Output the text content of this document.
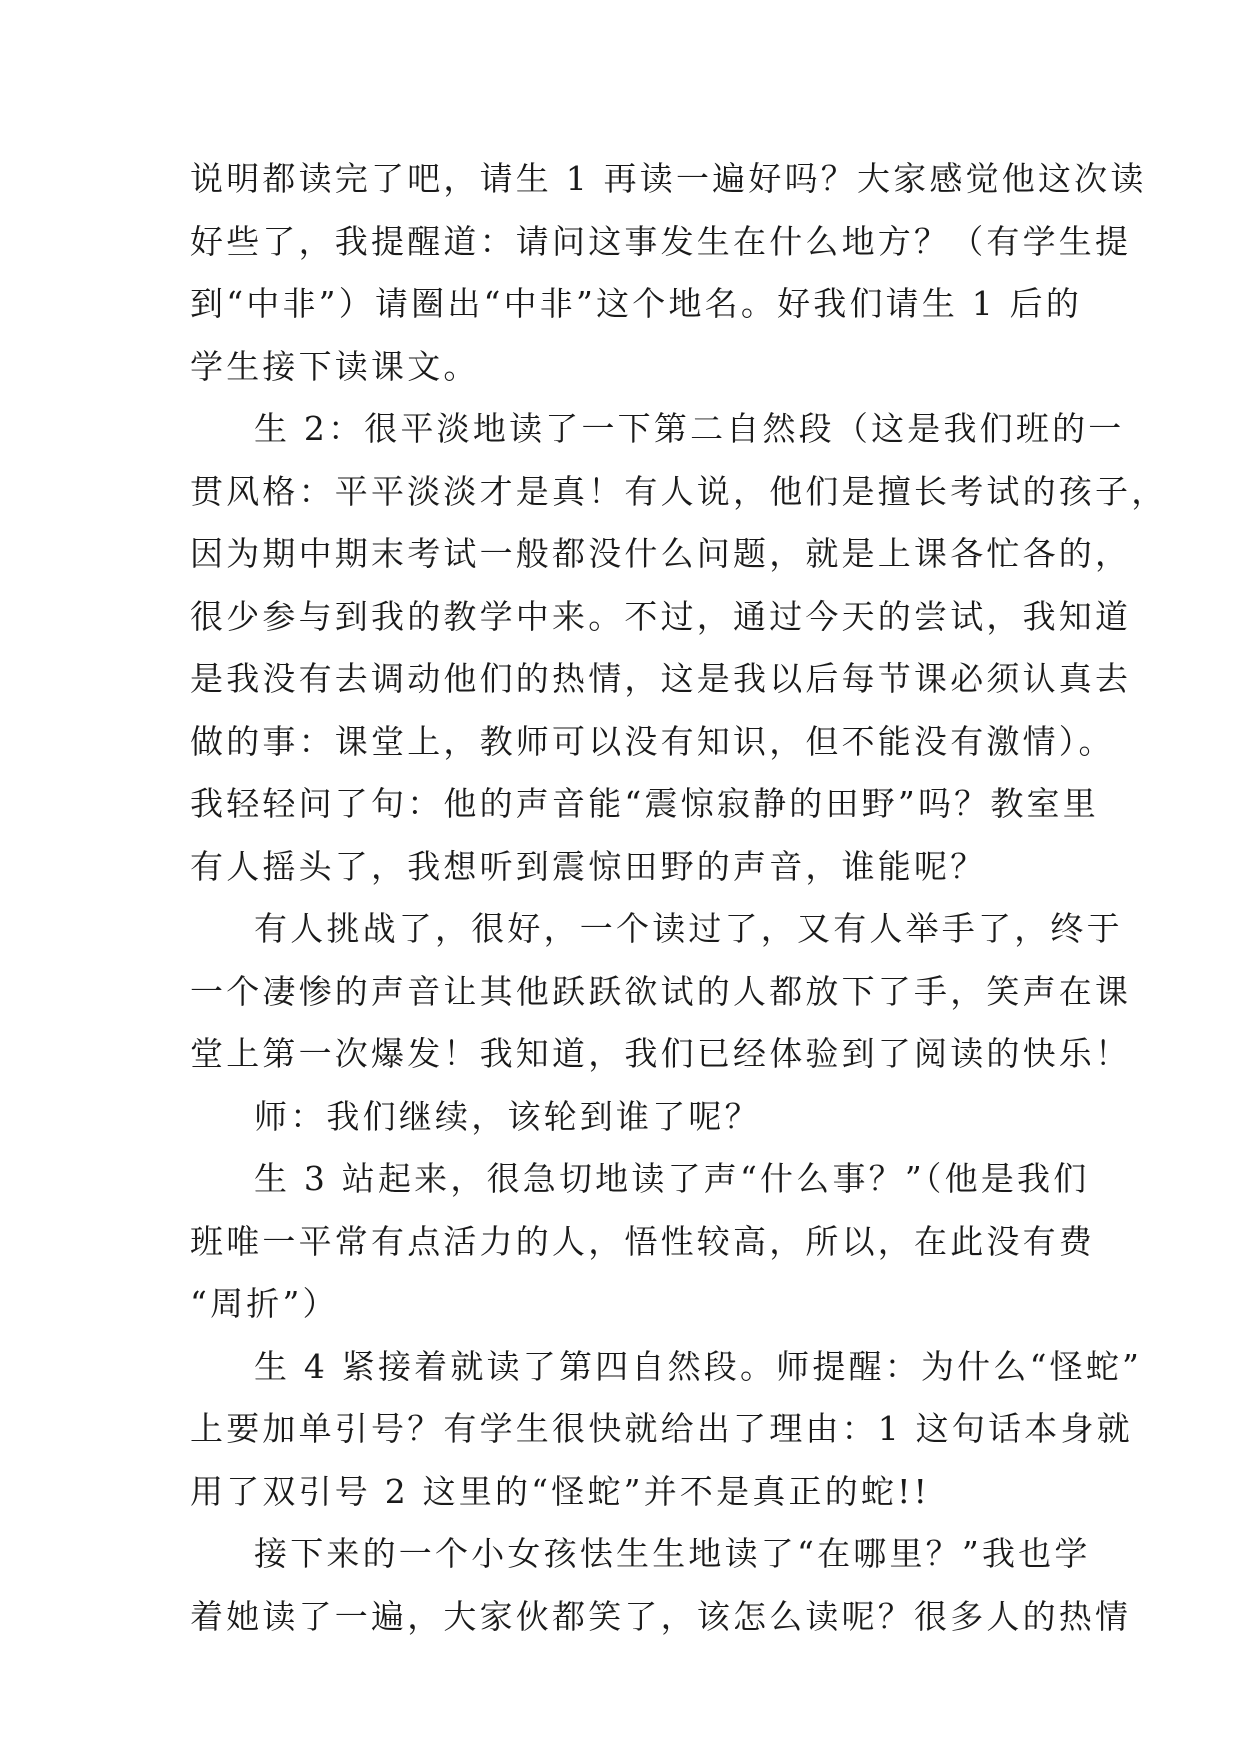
说明都读完了吧，请生 1 再读一遍好吗？大家感觉他这次读
好些了，我提醒道：请问这事发生在什么地方？（有学生提
到“中非”）请圈出“中非”这个地名。好我们请生 1 后的
学生接下读课文。
生 2：很平淡地读了一下第二自然段（这是我们班的一
贯风格：平平淡淡才是真！有人说，他们是擅长考试的孩子，
因为期中期末考试一般都没什么问题，就是上课各忙各的，
很少参与到我的教学中来。不过，通过今天的尝试，我知道
是我没有去调动他们的热情，这是我以后每节课必须认真去
做的事：课堂上，教师可以没有知识，但不能没有激情）。
我轻轻问了句：他的声音能“震惊寂静的田野”吗？教室里
有人摇头了，我想听到震惊田野的声音，谁能呢？
有人挑战了，很好，一个读过了，又有人举手了，终于
一个凄惨的声音让其他跃跃欲试的人都放下了手，笑声在课
堂上第一次爆发！我知道，我们已经体验到了阅读的快乐！
师：我们继续，该轮到谁了呢？
生 3 站起来，很急切地读了声“什么事？”（他是我们
班唯一平常有点活力的人，悟性较高，所以，在此没有费
“周折”）
生 4 紧接着就读了第四自然段。师提醒：为什么“怪蛇”
上要加单引号？有学生很快就给出了理由：1 这句话本身就
用了双引号 2 这里的“怪蛇”并不是真正的蛇!!
接下来的一个小女孩怯生生地读了“在哪里？”我也学
着她读了一遍，大家伙都笑了，该怎么读呢？很多人的热情
